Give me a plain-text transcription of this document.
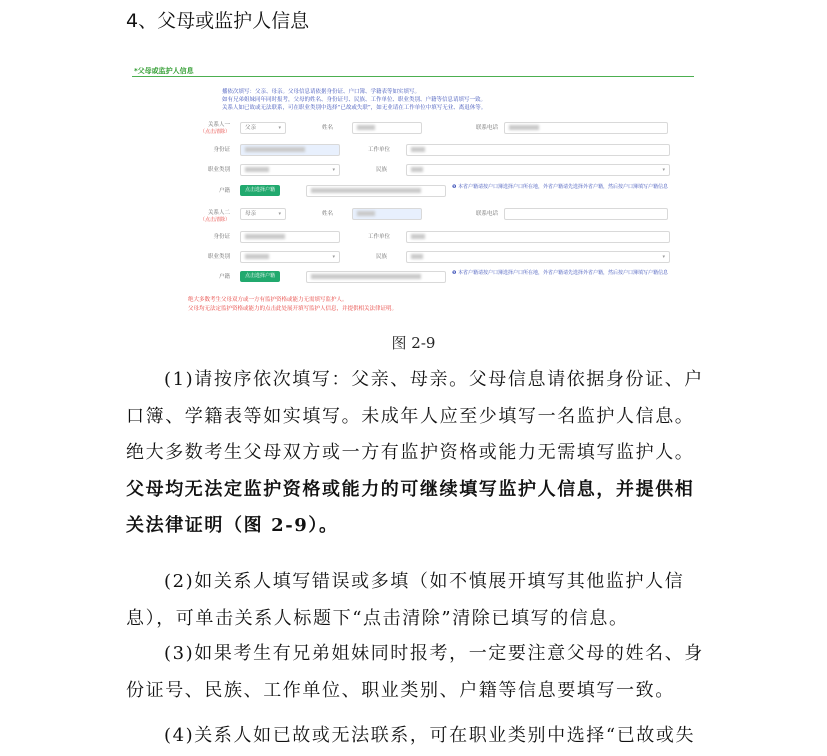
4、父母或监护人信息
*父母或监护人信息
播依次填写：父亲、母亲。父母信息请依据身份证、户口簿、学籍表等如实填写。
如有兄弟姐妹同年同时报考，父母的姓名、身份证号、民族、工作单位、职业类别、户籍等信息请填写一致。
关系人如已故或无法联系，可在职业类别中选择“已故或失联”，如无业请在工作单位中填写无业、离退休等。
关系人一
（点击清除）
父亲	▾	姓名	联系电话
身份证	工作单位
职业类别	▾	民族	▾
户籍	点击选择户籍	❶ 本省户籍请按户口簿选择户口所在地，外省户籍请先选择外省户籍，然后按户口簿填写户籍信息
关系人二
（点击清除）
母亲	▾	姓名	联系电话
身份证	工作单位
职业类别	▾	民族	▾
户籍	点击选择户籍	❶ 本省户籍请按户口簿选择户口所在地，外省户籍请先选择外省户籍，然后按户口簿填写户籍信息
绝大多数考生父母双方或一方有监护资格或能力无需填写监护人。
父母均无法定监护资格或能力的点击此处展开填写监护人信息，并提供相关法律证明。
图 2-9
(1)请按序依次填写：父亲、母亲。父母信息请依据身份证、户口簿、学籍表等如实填写。未成年人应至少填写一名监护人信息。绝大多数考生父母双方或一方有监护资格或能力无需填写监护人。父母均无法定监护资格或能力的可继续填写监护人信息，并提供相关法律证明（图 2-9）。
(2)如关系人填写错误或多填（如不慎展开填写其他监护人信息），可单击关系人标题下“点击清除”清除已填写的信息。
(3)如果考生有兄弟姐妹同时报考，一定要注意父母的姓名、身份证号、民族、工作单位、职业类别、户籍等信息要填写一致。
(4)关系人如已故或无法联系，可在职业类别中选择“已故或失
